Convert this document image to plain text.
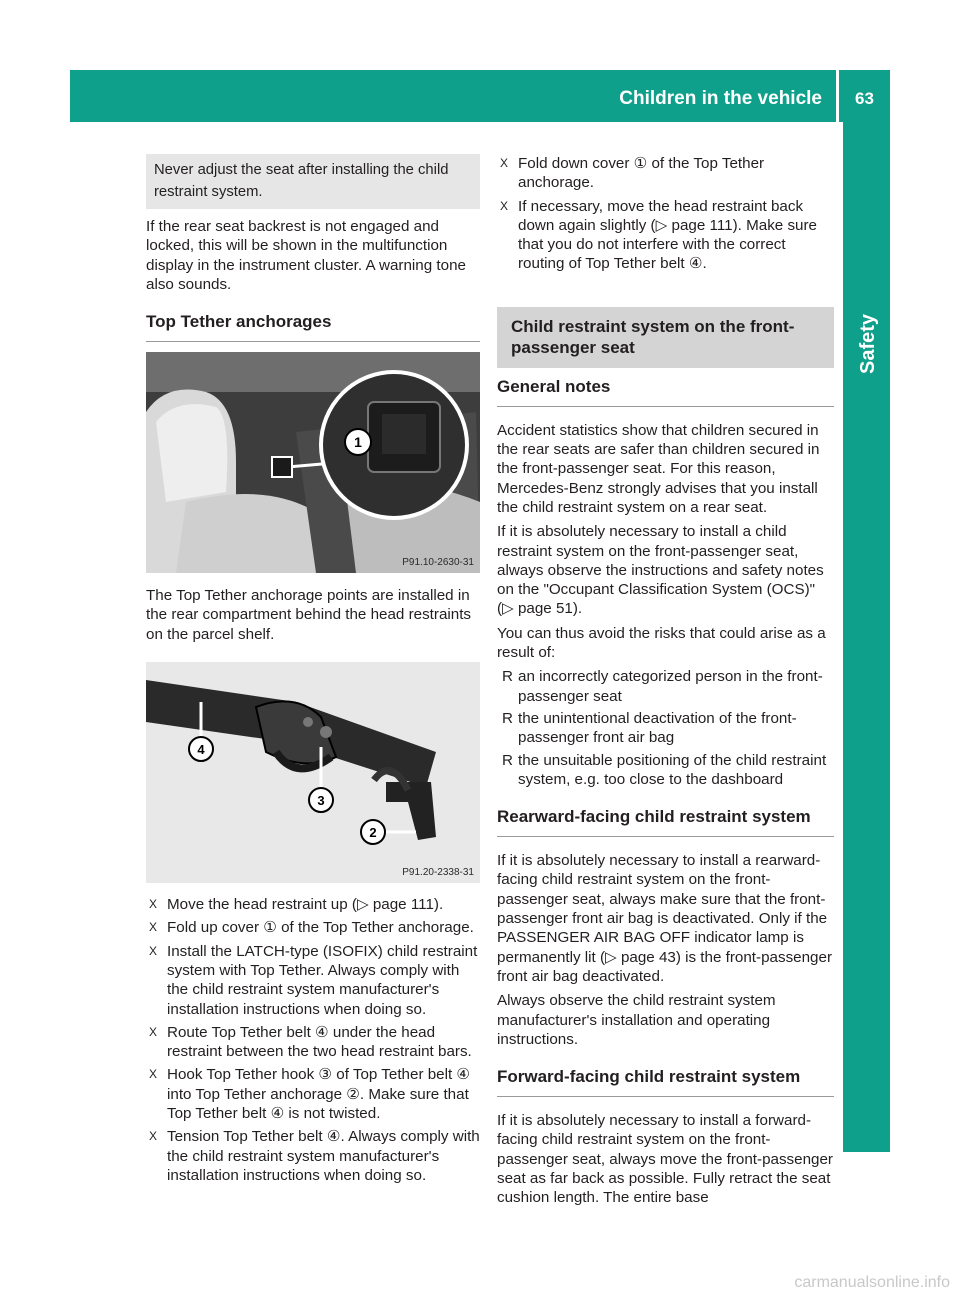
Children in the vehicle	63
Safety
Never adjust the seat after installing the child restraint system.

If the rear seat backrest is not engaged and locked, this will be shown in the multifunction display in the instrument cluster. A warning tone also sounds.

Top Tether anchorages
1
P91.10-2630-31

The Top Tether anchorage points are installed in the rear compartment behind the head restraints on the parcel shelf.

4
3
2
P91.20-2338-31
X Move the head restraint up (▷ page 111).
X Fold up cover ① of the Top Tether anchorage.
X Install the LATCH-type (ISOFIX) child restraint system with Top Tether. Always comply with the child restraint system manufacturer's installation instructions when doing so.
X Route Top Tether belt ④ under the head restraint between the two head restraint bars.
X Hook Top Tether hook ③ of Top Tether belt ④ into Top Tether anchorage ②. Make sure that Top Tether belt ④ is not twisted.
X Tension Top Tether belt ④. Always comply with the child restraint system manufacturer's installation instructions when doing so.
X Fold down cover ① of the Top Tether anchorage.
X If necessary, move the head restraint back down again slightly (▷ page 111). Make sure that you do not interfere with the correct routing of Top Tether belt ④.
Child restraint system on the front-passenger seat
General notes

Accident statistics show that children secured in the rear seats are safer than children secured in the front-passenger seat. For this reason, Mercedes-Benz strongly advises that you install the child restraint system on a rear seat.

If it is absolutely necessary to install a child restraint system on the front-passenger seat, always observe the instructions and safety notes on the "Occupant Classification System (OCS)" (▷ page 51).

You can thus avoid the risks that could arise as a result of:

R an incorrectly categorized person in the front-passenger seat
R the unintentional deactivation of the front-passenger front air bag
R the unsuitable positioning of the child restraint system, e.g. too close to the dashboard
Rearward-facing child restraint system

If it is absolutely necessary to install a rearward-facing child restraint system on the front-passenger seat, always make sure that the front-passenger front air bag is deactivated. Only if the PASSENGER AIR BAG OFF indicator lamp is permanently lit (▷ page 43) is the front-passenger front air bag deactivated.

Always observe the child restraint system manufacturer's installation and operating instructions.

Forward-facing child restraint system

If it is absolutely necessary to install a forward-facing child restraint system on the front-passenger seat, always move the front-passenger seat as far back as possible. Fully retract the seat cushion length. The entire base

carmanualsonline.info
